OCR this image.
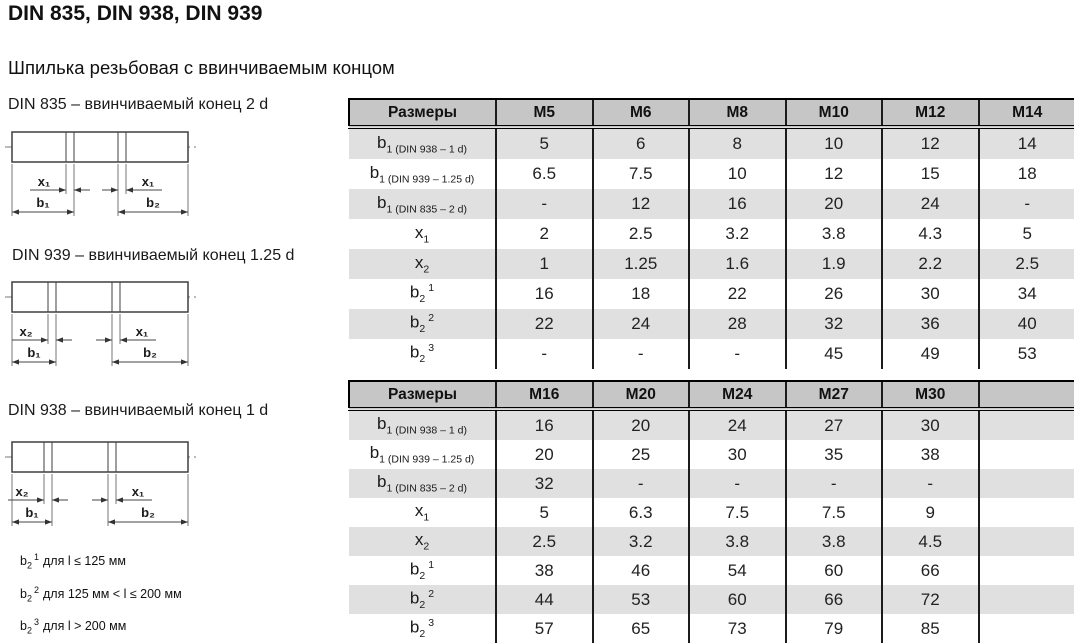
DIN 835, DIN 938, DIN 939
Шпилька резьбовая с ввинчиваемым концом
DIN 835 – ввинчиваемый конец 2 d
x₁	x₁
b₁	b₂
DIN 939 – ввинчиваемый конец 1.25 d
x₂	x₁
b₁	b₂
DIN 938 – ввинчиваемый конец 1 d
x₂	x₁
b₁	b₂
Размеры	M5	M6	M8	M10	M12	M14
$b_{1 (DIN 938 - 1 d)}$	5	6	8	10	12	14
$b_{1 (DIN 939 - 1.25 d)}$	6.5	7.5	10	12	15	18
$b_{1 (DIN 835 - 2 d)}$	-	12	16	20	24	-
$x_1$	2	2.5	3.2	3.8	4.3	5
$x_2$	1	1.25	1.6	1.9	2.2	2.5
$b_2^1$	16	18	22	26	30	34
$b_2^2$	22	24	28	32	36	40
$b_2^3$	-	-	-	45	49	53
Размеры	M16	M20	M24	M27	M30	
$b_{1 (DIN 938 - 1 d)}$	16	20	24	27	30	
$b_{1 (DIN 939 - 1.25 d)}$	20	25	30	35	38	
$b_{1 (DIN 835 - 2 d)}$	32	-	-	-	-	
$x_1$	5	6.3	7.5	7.5	9	
$x_2$	2.5	3.2	3.8	3.8	4.5	
$b_2^1$	38	46	54	60	66	
$b_2^2$	44	53	60	66	72	
$b_2^3$	57	65	73	79	85	
$b_2^1$ для l ≤ 125 мм
$b_2^2$ для 125 мм < l ≤ 200 мм
$b_2^3$ для l > 200 мм
